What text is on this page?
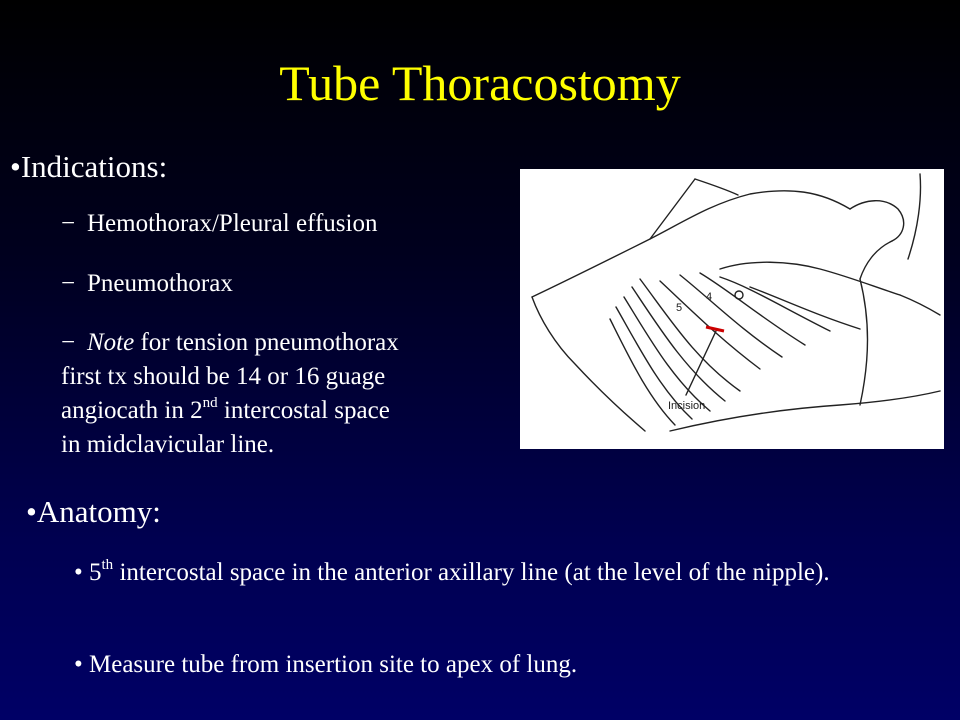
Tube Thoracostomy
•Indications:
− Hemothorax/Pleural effusion
− Pneumothorax
− Note for tension pneumothorax
first tx should be 14 or 16 guage
angiocath in 2nd intercostal space
in midclavicular line.
5
4
Incision
•Anatomy:
• 5th intercostal space in the anterior axillary line (at the level of the nipple).
• Measure tube from insertion site to apex of lung.
